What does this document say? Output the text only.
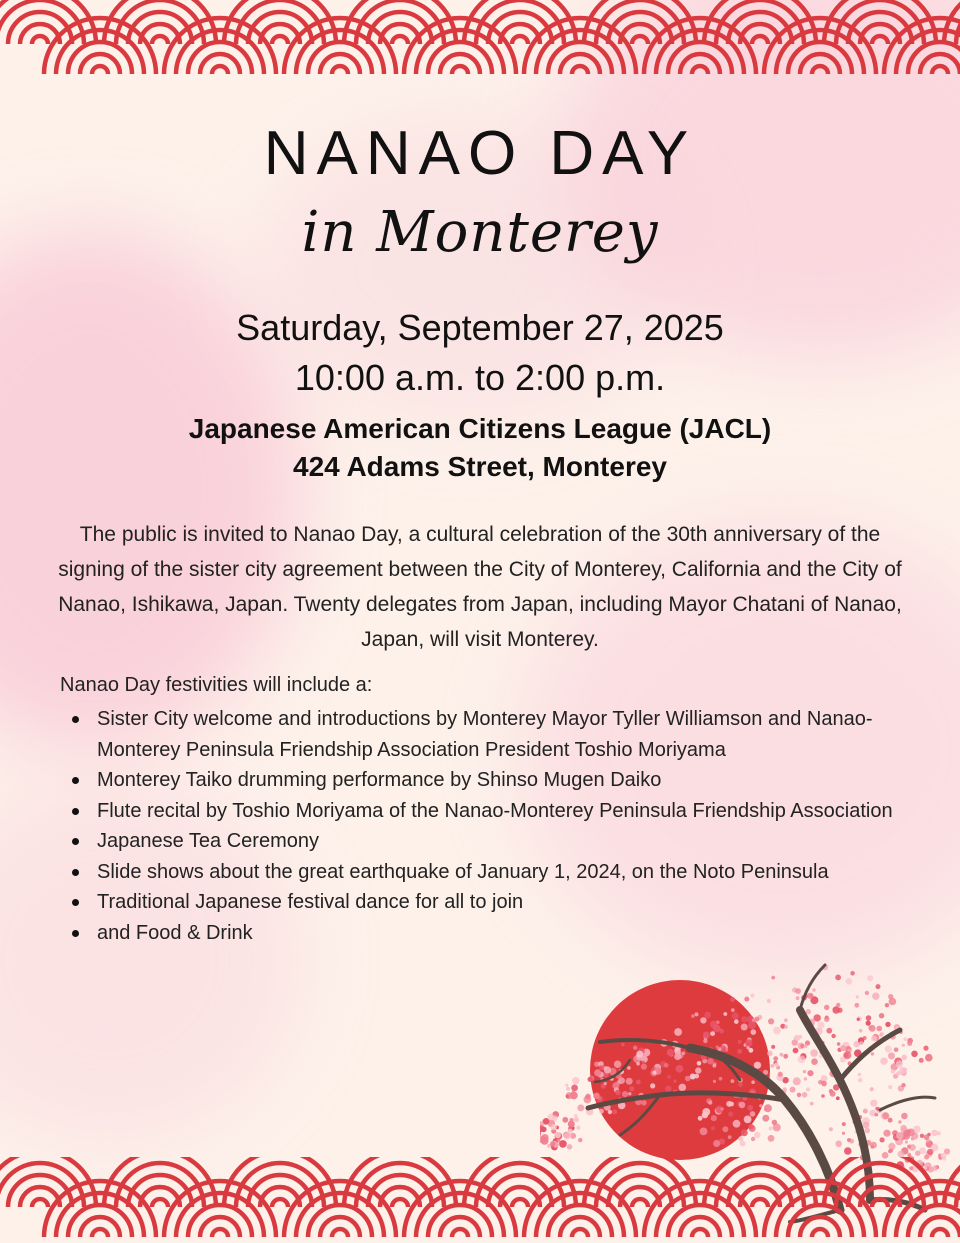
NANAO DAY
in Monterey
Saturday, September 27, 2025
10:00 a.m. to 2:00 p.m.
Japanese American Citizens League (JACL)
424 Adams Street, Monterey

The public is invited to Nanao Day, a cultural celebration of the 30th anniversary of the signing of the sister city agreement between the City of Monterey, California and the City of Nanao, Ishikawa, Japan. Twenty delegates from Japan, including Mayor Chatani of Nanao, Japan, will visit Monterey.

Nanao Day festivities will include a:
Sister City welcome and introductions by Monterey Mayor Tyller Williamson and Nanao-Monterey Peninsula Friendship Association President Toshio Moriyama
Monterey Taiko drumming performance by Shinso Mugen Daiko
Flute recital by Toshio Moriyama of the Nanao-Monterey Peninsula Friendship Association
Japanese Tea Ceremony
Slide shows about the great earthquake of January 1, 2024, on the Noto Peninsula
Traditional Japanese festival dance for all to join
and Food & Drink
